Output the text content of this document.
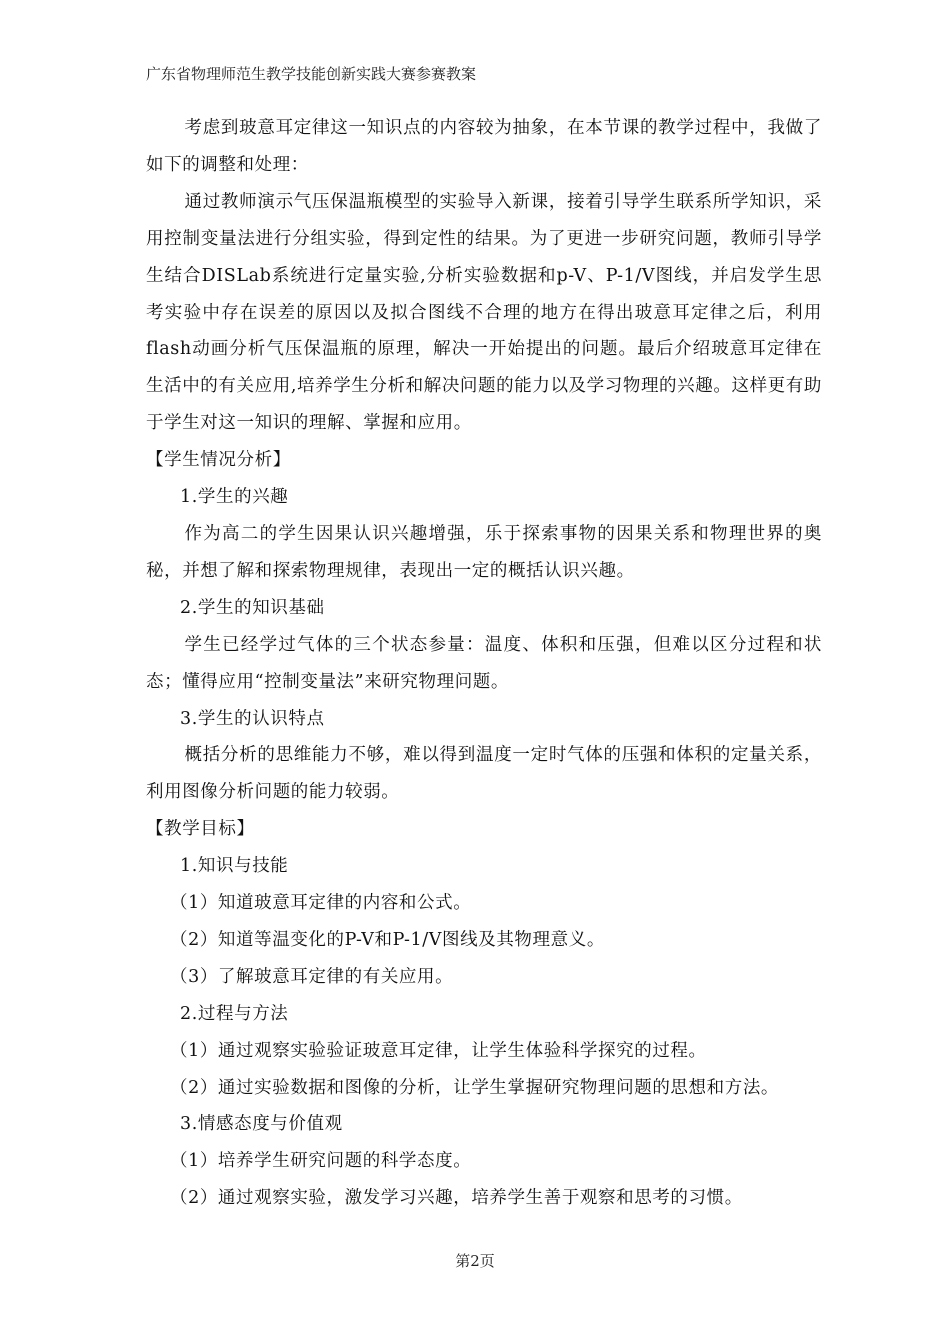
广东省物理师范生教学技能创新实践大赛参赛教案

考虑到玻意耳定律这一知识点的内容较为抽象，在本节课的教学过程中，我做了如下的调整和处理：

通过教师演示气压保温瓶模型的实验导入新课，接着引导学生联系所学知识，采用控制变量法进行分组实验，得到定性的结果。为了更进一步研究问题，教师引导学生结合DISLab系统进行定量实验,分析实验数据和p-V、P-1/V图线，并启发学生思考实验中存在误差的原因以及拟合图线不合理的地方在得出玻意耳定律之后，利用flash动画分析气压保温瓶的原理，解决一开始提出的问题。最后介绍玻意耳定律在生活中的有关应用,培养学生分析和解决问题的能力以及学习物理的兴趣。这样更有助于学生对这一知识的理解、掌握和应用。

【学生情况分析】

1.学生的兴趣

作为高二的学生因果认识兴趣增强，乐于探索事物的因果关系和物理世界的奥秘，并想了解和探索物理规律，表现出一定的概括认识兴趣。

2.学生的知识基础

学生已经学过气体的三个状态参量：温度、体积和压强，但难以区分过程和状态；懂得应用“控制变量法”来研究物理问题。

3.学生的认识特点

概括分析的思维能力不够，难以得到温度一定时气体的压强和体积的定量关系，利用图像分析问题的能力较弱。

【教学目标】

1.知识与技能

（1）知道玻意耳定律的内容和公式。

（2）知道等温变化的P-V和P-1/V图线及其物理意义。

（3）了解玻意耳定律的有关应用。

2.过程与方法

（1）通过观察实验验证玻意耳定律，让学生体验科学探究的过程。

（2）通过实验数据和图像的分析，让学生掌握研究物理问题的思想和方法。

3.情感态度与价值观

（1）培养学生研究问题的科学态度。

（2）通过观察实验，激发学习兴趣，培养学生善于观察和思考的习惯。

第2页
